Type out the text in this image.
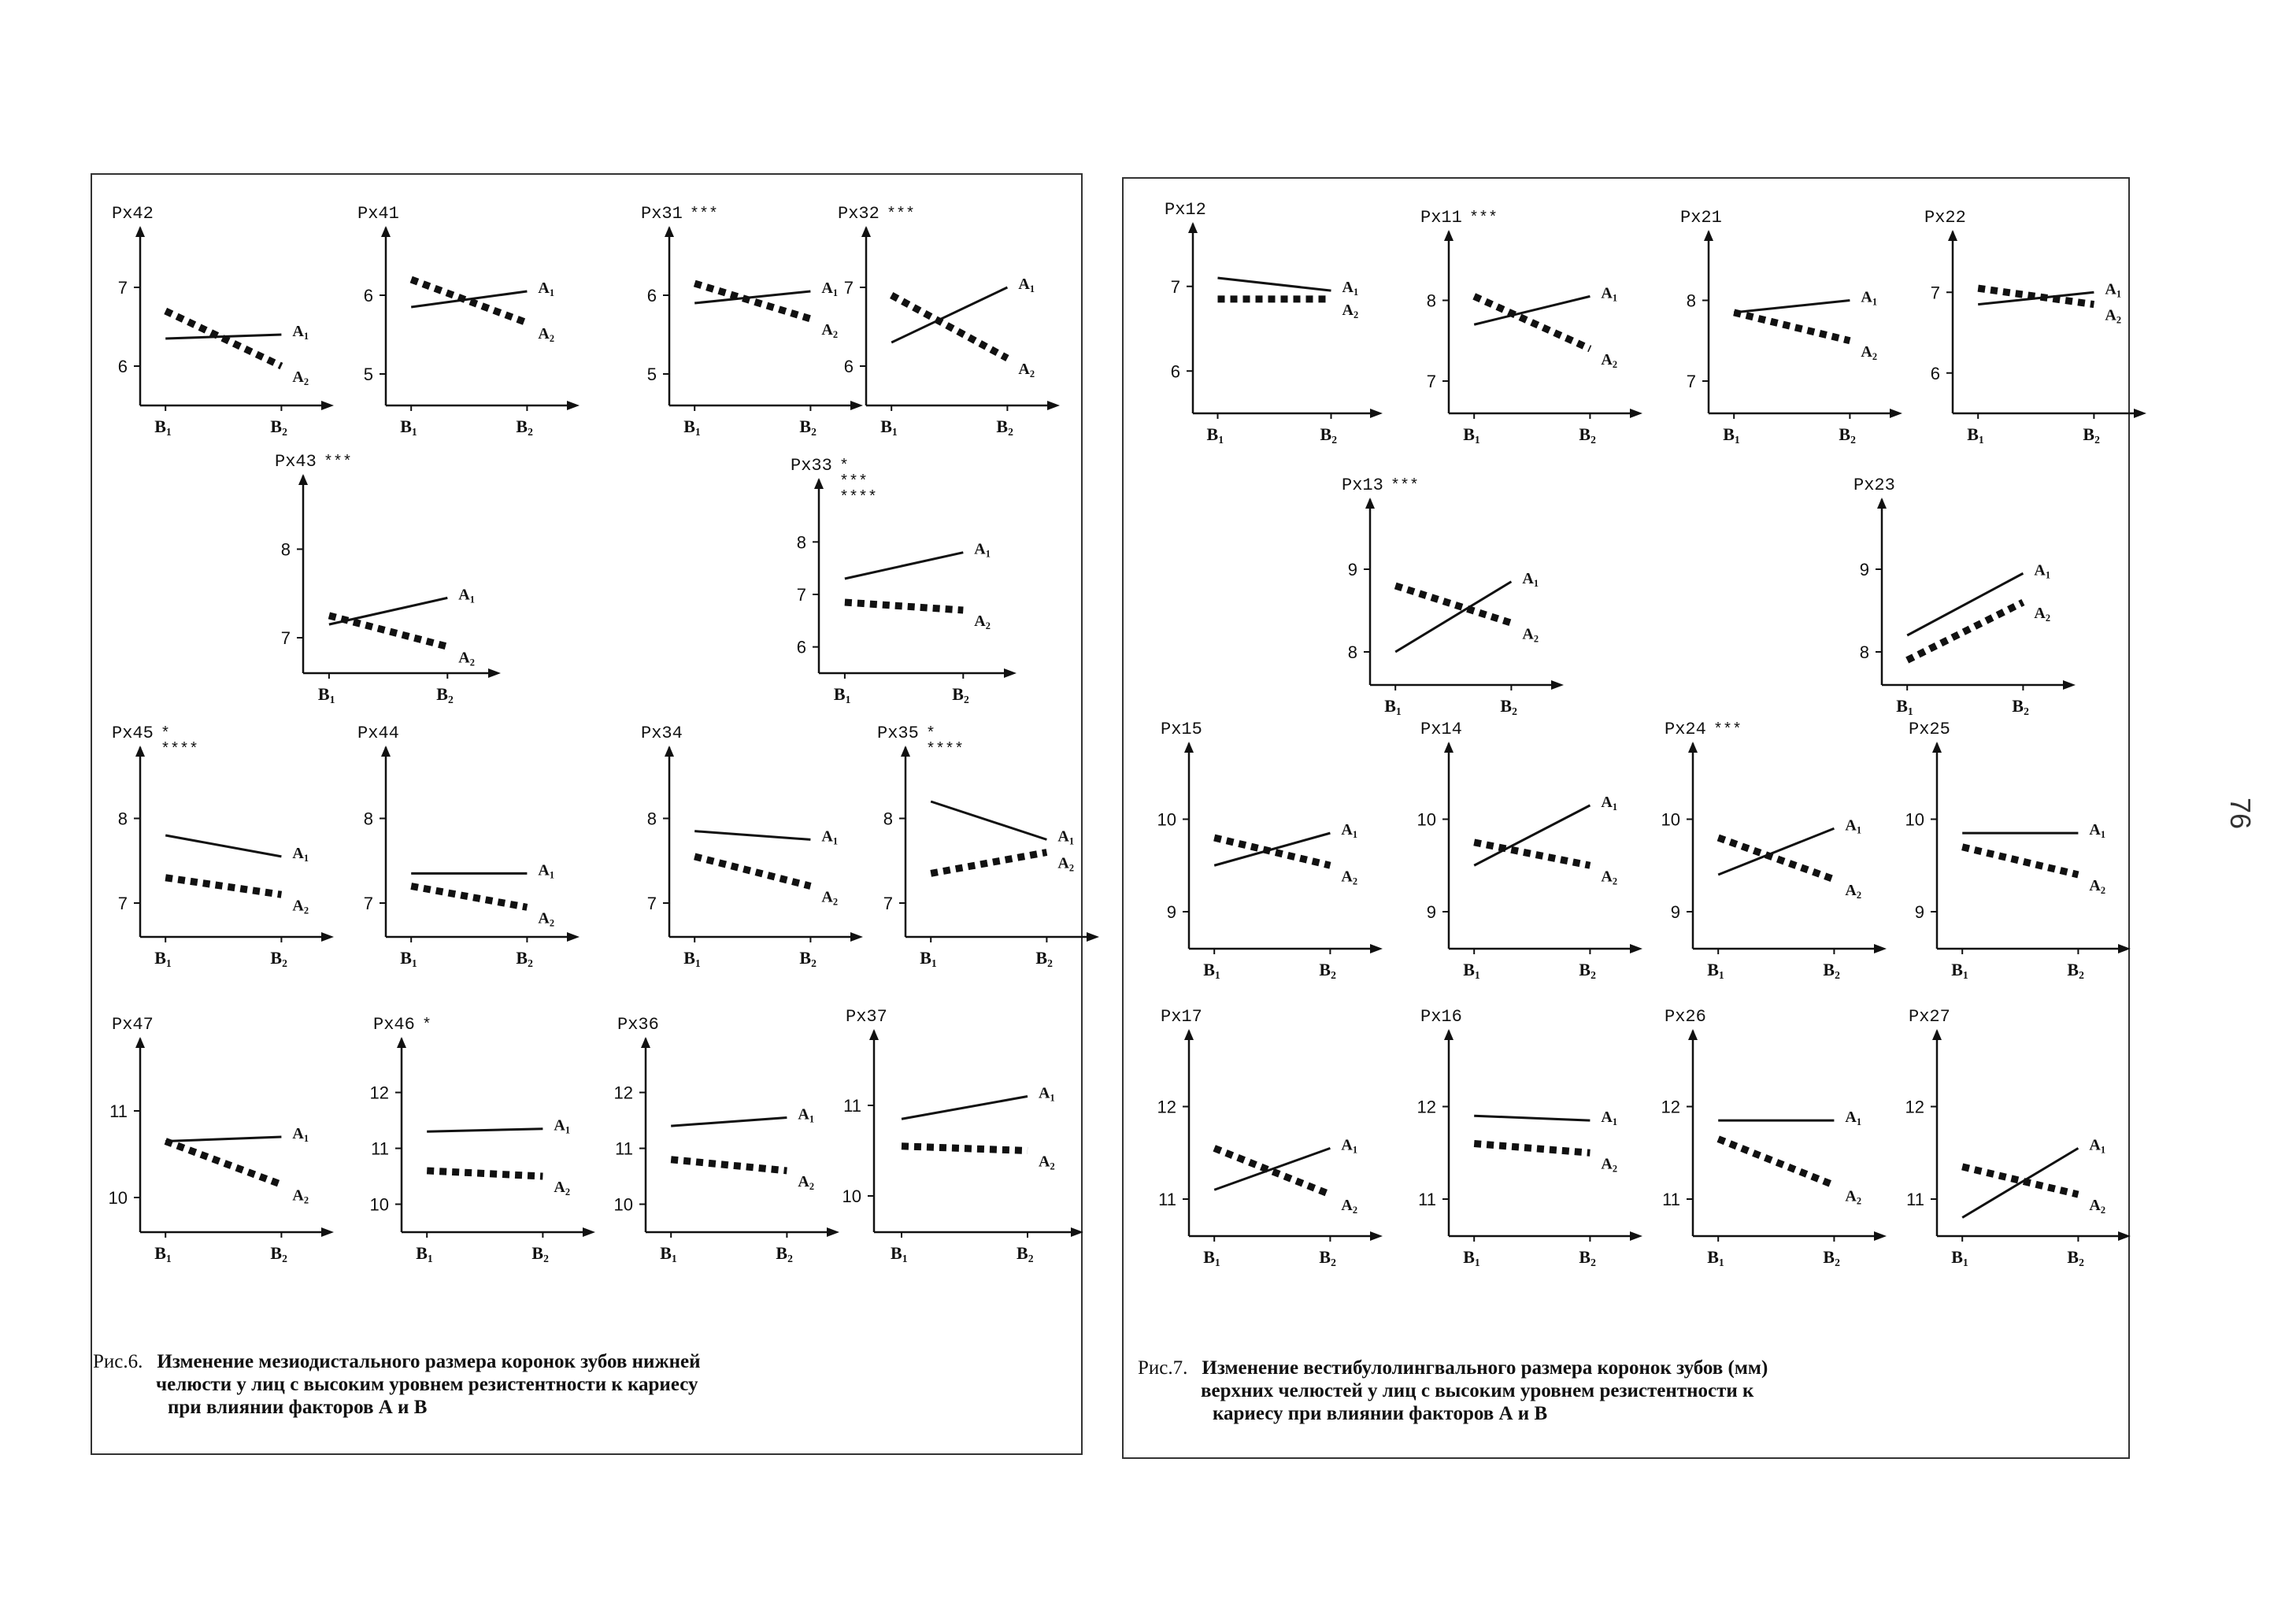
Px42
6
7
B1	B2
$A_1$
$A_2$
Px41
5
6
B1	B2
$A_1$
$A_2$
Px31 ***
5
6
B1	B2
$A_1$
$A_2$
Px32 ***
6
7
B1	B2
$A_1$
$A_2$
Px43 ***
7
8
B1	B2
$A_1$
$A_2$
Px33 *
***
****
6
7
8
B1	B2
$A_1$
$A_2$
Px45 *
****
7
8
B1	B2
$A_1$
$A_2$
Px44
7
8
B1	B2
$A_1$
$A_2$
Px34
7
8
B1	B2
$A_1$
$A_2$
Px35 *
****
7
8
B1	B2
$A_1$
$A_2$
Px47
10
11
B1	B2
$A_1$
$A_2$
Px46 *
10
11
12
B1	B2
$A_1$
$A_2$
Px36
10
11
12
B1	B2
$A_1$
$A_2$
Px37
10
11
B1	B2
$A_1$
$A_2$
Px12
6
7
B1	B2
$A_1$
$A_2$
Px11 ***
7
8
B1	B2
$A_1$
$A_2$
Px21
7
8
B1	B2
$A_1$
$A_2$
Px22
6
7
B1	B2
$A_1$
$A_2$
Px13 ***
8
9
B1	B2
$A_1$
$A_2$
Px23
8
9
B1	B2
$A_1$
$A_2$
Px15
9
10
B1	B2
$A_1$
$A_2$
Px14
9
10
B1	B2
$A_1$
$A_2$
Px24 ***
9
10
B1	B2
$A_1$
$A_2$
Px25
9
10
B1	B2
$A_1$
$A_2$
Px17
11
12
B1	B2
$A_1$
$A_2$
Px16
11
12
B1	B2
$A_1$
$A_2$
Px26
11
12
B1	B2
$A_1$
$A_2$
Px27
11
12
B1	B2
$A_1$
$A_2$
Рис.6. Изменение мезиодистального размера коронок зубов нижней
челюсти у лиц с высоким уровнем резистентности к кариесу
при влиянии факторов А и В
Рис.7. Изменение вестибулолингвального размера коронок зубов (мм)
верхних челюстей у лиц с высоким уровнем резистентности к
кариесу при влиянии факторов А и В
76
